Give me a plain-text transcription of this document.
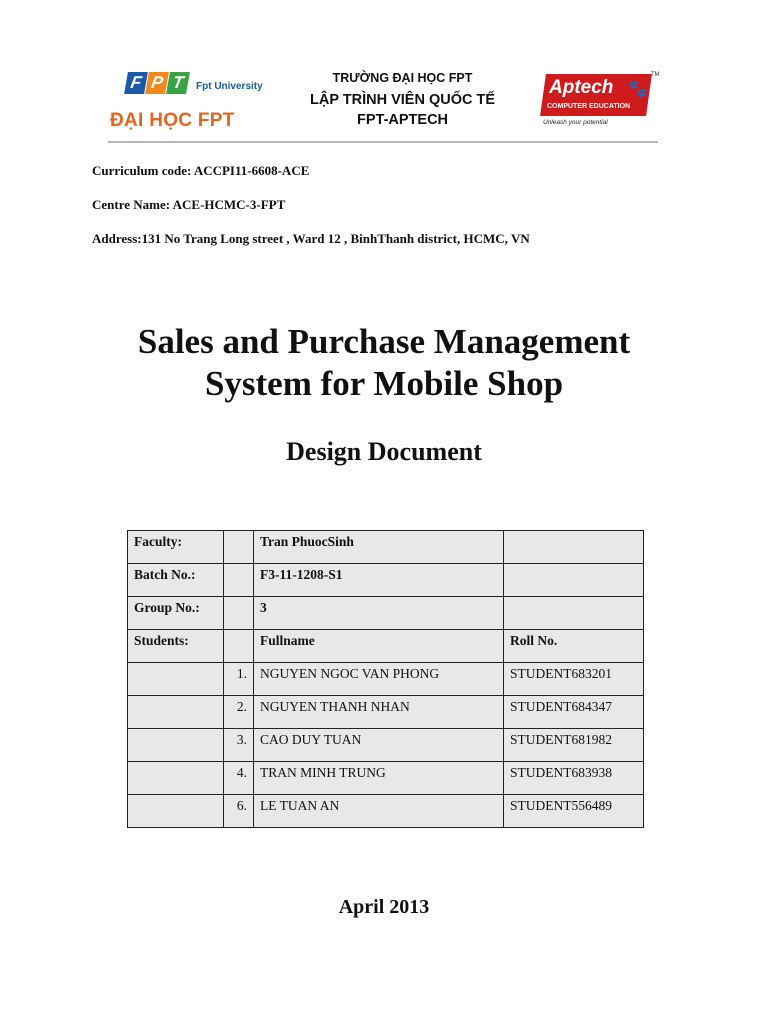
F P T	Fpt University
ĐẠI HỌC FPT
TRƯỜNG ĐẠI HỌC FPT
LẬP TRÌNH VIÊN QUỐC TẾ
FPT-APTECH
Aptech 🐾
COMPUTER EDUCATION
Unleash your potential
TM
Curriculum code: ACCPI11-6608-ACE
Centre Name: ACE-HCMC-3-FPT
Address:131 No Trang Long street , Ward 12 , BinhThanh district, HCMC, VN
Sales and Purchase Management
System for Mobile Shop
Design Document
Faculty:		Tran PhuocSinh	
Batch No.:		F3-11-1208-S1	
Group No.:		3	
Students:		Fullname	Roll No.
	1.	NGUYEN NGOC VAN PHONG	STUDENT683201
	2.	NGUYEN THANH NHAN	STUDENT684347
	3.	CAO DUY TUAN	STUDENT681982
	4.	TRAN MINH TRUNG	STUDENT683938
	6.	LE TUAN AN	STUDENT556489
April 2013
